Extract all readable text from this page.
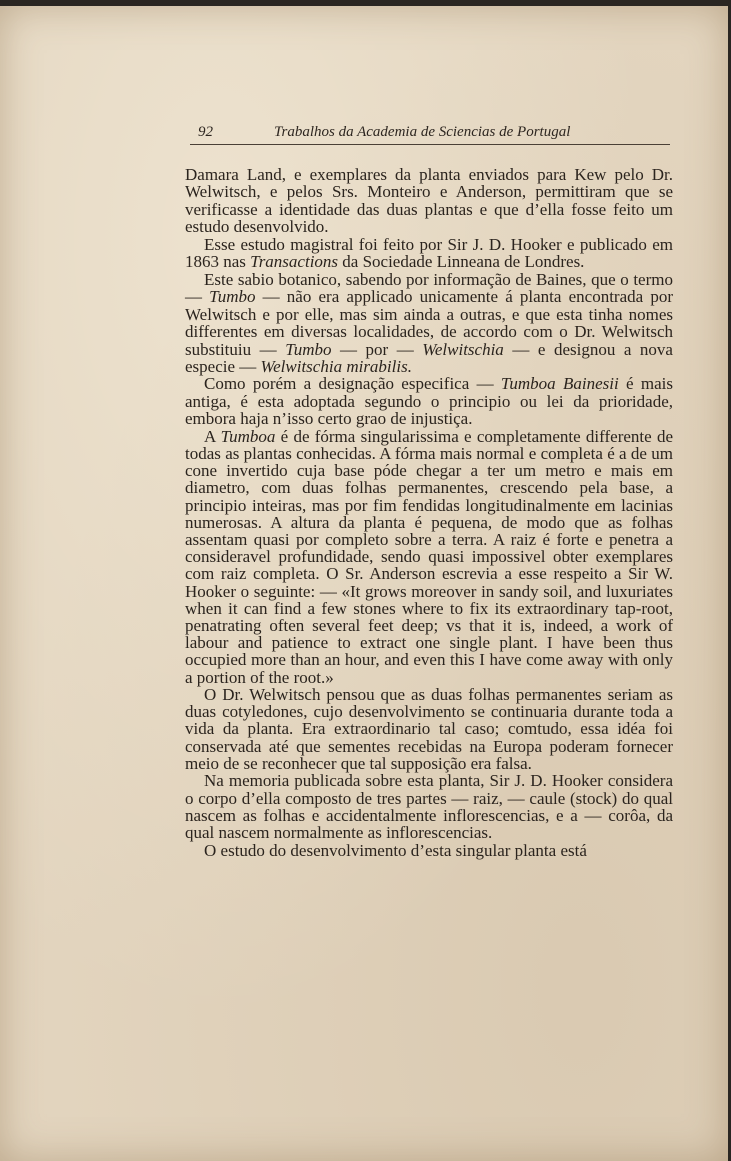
92	Trabalhos da Academia de Sciencias de Portugal

Damara Land, e exemplares da planta enviados para Kew pelo Dr. Welwitsch, e pelos Srs. Monteiro e Anderson, permittiram que se verificasse a identidade das duas plantas e que d’ella fosse feito um estudo desenvolvido.

Esse estudo magistral foi feito por Sir J. D. Hooker e publicado em 1863 nas Transactions da Sociedade Linneana de Londres.

Este sabio botanico, sabendo por informação de Baines, que o termo — Tumbo — não era applicado unicamente á planta encontrada por Welwitsch e por elle, mas sim ainda a outras, e que esta tinha nomes differentes em diversas localidades, de accordo com o Dr. Welwitsch substituiu — Tumbo — por — Welwitschia — e designou a nova especie — Welwitschia mirabilis.

Como porém a designação especifica — Tumboa Bainesii é mais antiga, é esta adoptada segundo o principio ou lei da prioridade, embora haja n’isso certo grao de injustiça.

A Tumboa é de fórma singularissima e completamente differente de todas as plantas conhecidas. A fórma mais normal e completa é a de um cone invertido cuja base póde chegar a ter um metro e mais em diametro, com duas folhas permanentes, crescendo pela base, a principio inteiras, mas por fim fendidas longitudinalmente em lacinias numerosas. A altura da planta é pequena, de modo que as folhas assentam quasi por completo sobre a terra. A raiz é forte e penetra a consideravel profundidade, sendo quasi impossivel obter exemplares com raiz completa. O Sr. Anderson escrevia a esse respeito a Sir W. Hooker o seguinte: — «It grows moreover in sandy soil, and luxuriates when it can find a few stones where to fix its extraordinary tap-root, penatrating often several feet deep; vs that it is, indeed, a work of labour and patience to extract one single plant. I have been thus occupied more than an hour, and even this I have come away with only a portion of the root.»

O Dr. Welwitsch pensou que as duas folhas permanentes seriam as duas cotyledones, cujo desenvolvimento se continuaria durante toda a vida da planta. Era extraordinario tal caso; comtudo, essa idéa foi conservada até que sementes recebidas na Europa poderam fornecer meio de se reconhecer que tal supposição era falsa.

Na memoria publicada sobre esta planta, Sir J. D. Hooker considera o corpo d’ella composto de tres partes — raiz, — caule (stock) do qual nascem as folhas e accidentalmente inflorescencias, e a — corôa, da qual nascem normalmente as inflorescencias.

O estudo do desenvolvimento d’esta singular planta está
